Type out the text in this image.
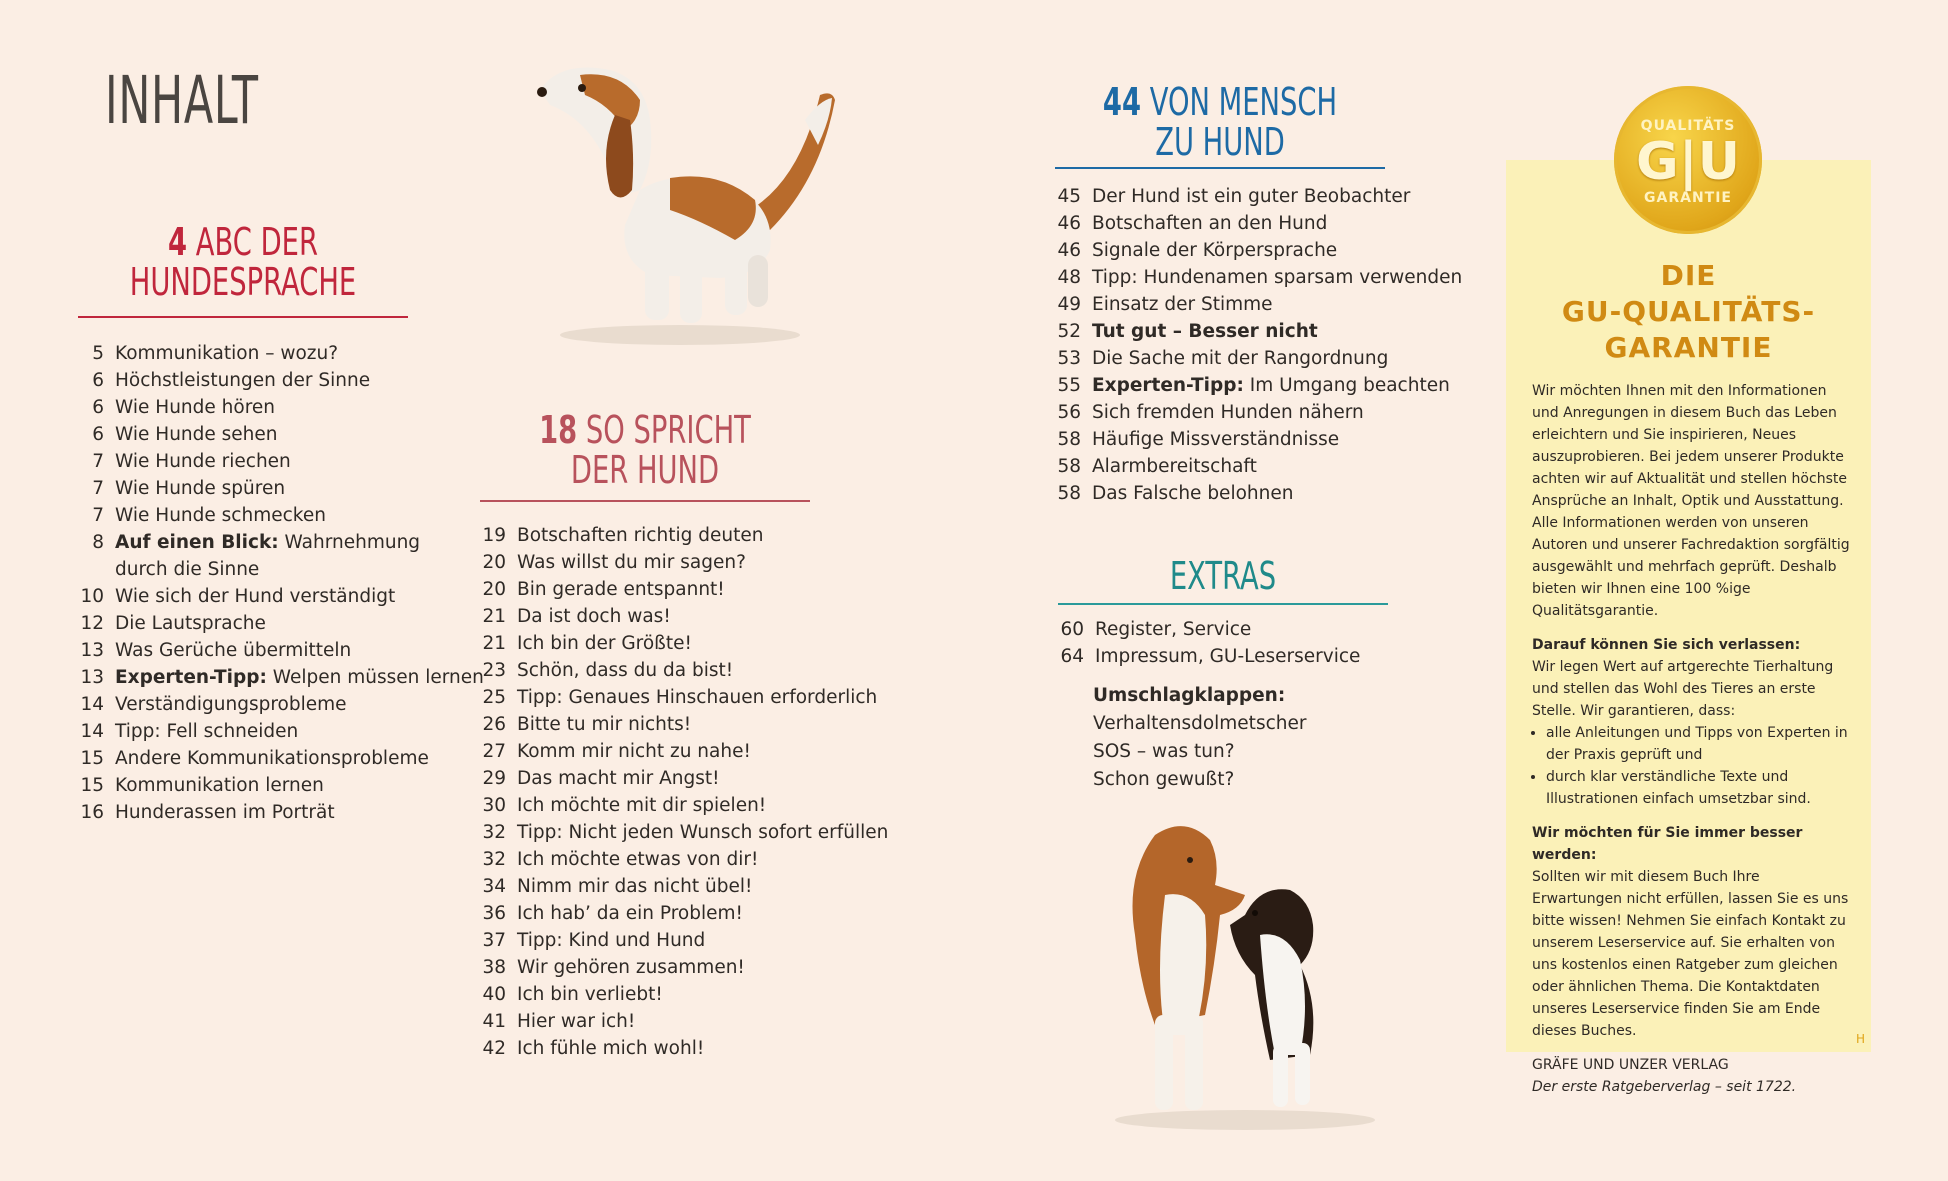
INHALT
4 ABC DER
HUNDESPRACHE
5 Kommunikation – wozu?
6 Höchstleistungen der Sinne
6 Wie Hunde hören
6 Wie Hunde sehen
7 Wie Hunde riechen
7 Wie Hunde spüren
7 Wie Hunde schmecken
8 Auf einen Blick: Wahrnehmung
durch die Sinne
10 Wie sich der Hund verständigt
12 Die Lautsprache
13 Was Gerüche übermitteln
13 Experten-Tipp: Welpen müssen lernen
14 Verständigungsprobleme
14 Tipp: Fell schneiden
15 Andere Kommunikationsprobleme
15 Kommunikation lernen
16 Hunderassen im Porträt
18 SO SPRICHT
DER HUND
19 Botschaften richtig deuten
20 Was willst du mir sagen?
20 Bin gerade entspannt!
21 Da ist doch was!
21 Ich bin der Größte!
23 Schön, dass du da bist!
25 Tipp: Genaues Hinschauen erforderlich
26 Bitte tu mir nichts!
27 Komm mir nicht zu nahe!
29 Das macht mir Angst!
30 Ich möchte mit dir spielen!
32 Tipp: Nicht jeden Wunsch sofort erfüllen
32 Ich möchte etwas von dir!
34 Nimm mir das nicht übel!
36 Ich hab’ da ein Problem!
37 Tipp: Kind und Hund
38 Wir gehören zusammen!
40 Ich bin verliebt!
41 Hier war ich!
42 Ich fühle mich wohl!
44 VON MENSCH
ZU HUND
45 Der Hund ist ein guter Beobachter
46 Botschaften an den Hund
46 Signale der Körpersprache
48 Tipp: Hundenamen sparsam verwenden
49 Einsatz der Stimme
52 Tut gut – Besser nicht
53 Die Sache mit der Rangordnung
55 Experten-Tipp: Im Umgang beachten
56 Sich fremden Hunden nähern
58 Häufige Missverständnisse
58 Alarmbereitschaft
58 Das Falsche belohnen
EXTRAS
60 Register, Service
64 Impressum, GU-Leserservice
Umschlagklappen:
Verhaltensdolmetscher
SOS – was tun?
Schon gewußt?
QUALITÄTS
G|U
GARANTIE
DIE
GU-QUALITÄTS-
GARANTIE

Wir möchten Ihnen mit den Informationen und Anregungen in diesem Buch das Leben erleichtern und Sie inspirieren, Neues auszuprobieren. Bei jedem unserer Produkte achten wir auf Aktualität und stellen höchste Ansprüche an Inhalt, Optik und Ausstattung. Alle Informationen werden von unseren Autoren und unserer Fachredaktion sorgfältig ausgewählt und mehrfach geprüft. Deshalb bieten wir Ihnen eine 100 %ige Qualitätsgarantie.

Darauf können Sie sich verlassen:

Wir legen Wert auf artgerechte Tierhaltung und stellen das Wohl des Tieres an erste Stelle. Wir garantieren, dass:

• alle Anleitungen und Tipps von Experten in der Praxis geprüft und
• durch klar verständliche Texte und Illustrationen einfach umsetzbar sind.

Wir möchten für Sie immer besser werden:

Sollten wir mit diesem Buch Ihre Erwartungen nicht erfüllen, lassen Sie es uns bitte wissen! Nehmen Sie einfach Kontakt zu unserem Leserservice auf. Sie erhalten von uns kostenlos einen Ratgeber zum gleichen oder ähnlichen Thema. Die Kontaktdaten unseres Leserservice finden Sie am Ende dieses Buches.

GRÄFE UND UNZER VERLAG

Der erste Ratgeberverlag – seit 1722.

H
